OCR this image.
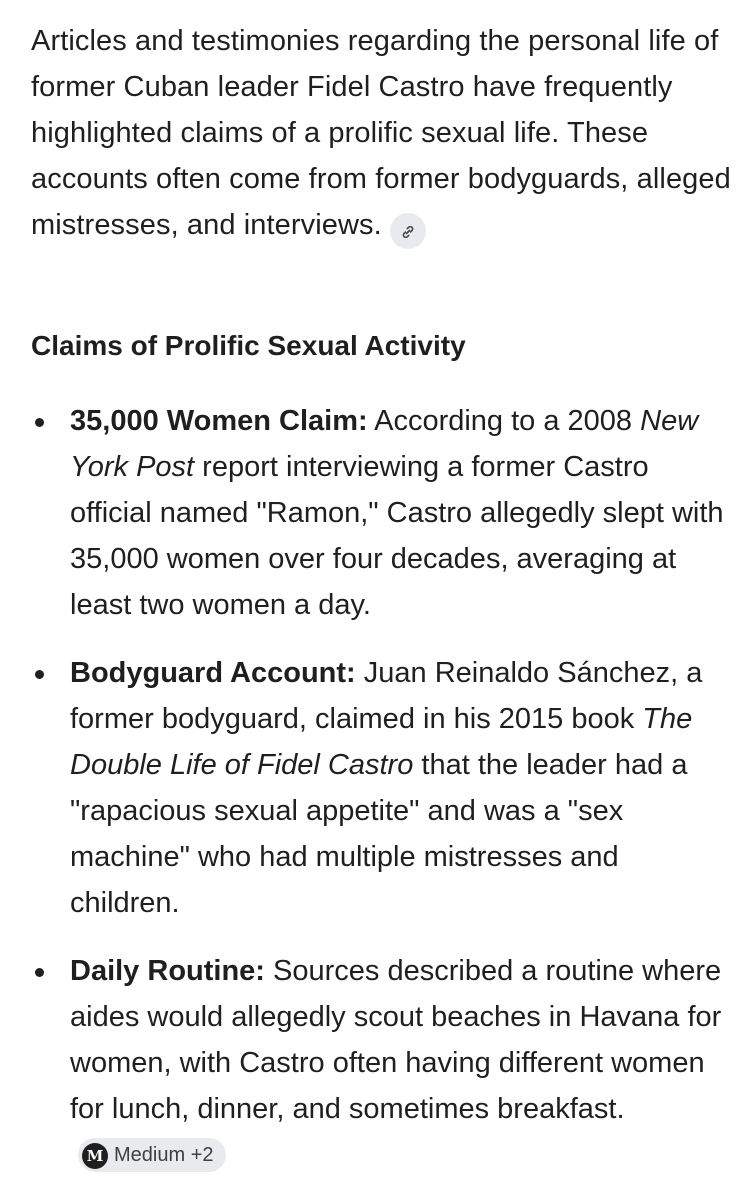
Articles and testimonies regarding the personal life of former Cuban leader Fidel Castro have frequently highlighted claims of a prolific sexual life. These accounts often come from former bodyguards, alleged mistresses, and interviews.

Claims of Prolific Sexual Activity
35,000 Women Claim: According to a 2008 New York Post report interviewing a former Castro official named "Ramon," Castro allegedly slept with 35,000 women over four decades, averaging at least two women a day.
Bodyguard Account: Juan Reinaldo Sánchez, a former bodyguard, claimed in his 2015 book The Double Life of Fidel Castro that the leader had a "rapacious sexual appetite" and was a "sex machine" who had multiple mistresses and children.
Daily Routine: Sources described a routine where aides would allegedly scout beaches in Havana for women, with Castro often having different women for lunch, dinner, and sometimes breakfast.M Medium +2
